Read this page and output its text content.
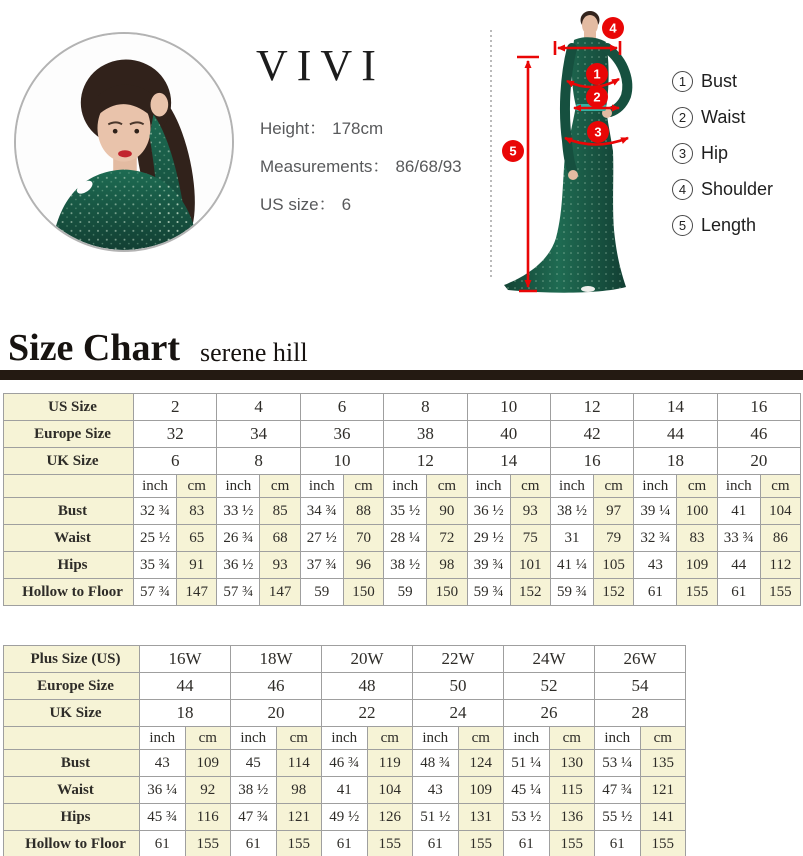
VIVI
Height： 178cm
Measurements： 86/68/93
US size： 6
4
1
2
3
5
1 Bust
2 Waist
3 Hip
4 Shoulder
5 Length
Size Chart serene hill
US Size	2		4		6		8		10		12		14		16	
Europe Size	32		34		36		38		40		42		44		46	
UK Size	6		8		10		12		14		16		18		20	
	inch	cm	inch	cm	inch	cm	inch	cm	inch	cm	inch	cm	inch	cm	inch	cm
Bust	32 ¾	83	33 ½	85	34 ¾	88	35 ½	90	36 ½	93	38 ½	97	39 ¼	100	41	104
Waist	25 ½	65	26 ¾	68	27 ½	70	28 ¼	72	29 ½	75	31	79	32 ¾	83	33 ¾	86
Hips	35 ¾	91	36 ½	93	37 ¾	96	38 ½	98	39 ¾	101	41 ¼	105	43	109	44	112
Hollow to Floor	57 ¾	147	57 ¾	147	59	150	59	150	59 ¾	152	59 ¾	152	61	155	61	155
Plus Size (US)	16W		18W		20W		22W		24W		26W	
Europe Size	44		46		48		50		52		54	
UK Size	18		20		22		24		26		28	
	inch	cm	inch	cm	inch	cm	inch	cm	inch	cm	inch	cm
Bust	43	109	45	114	46 ¾	119	48 ¾	124	51 ¼	130	53 ¼	135
Waist	36 ¼	92	38 ½	98	41	104	43	109	45 ¼	115	47 ¾	121
Hips	45 ¾	116	47 ¾	121	49 ½	126	51 ½	131	53 ½	136	55 ½	141
Hollow to Floor	61	155	61	155	61	155	61	155	61	155	61	155
